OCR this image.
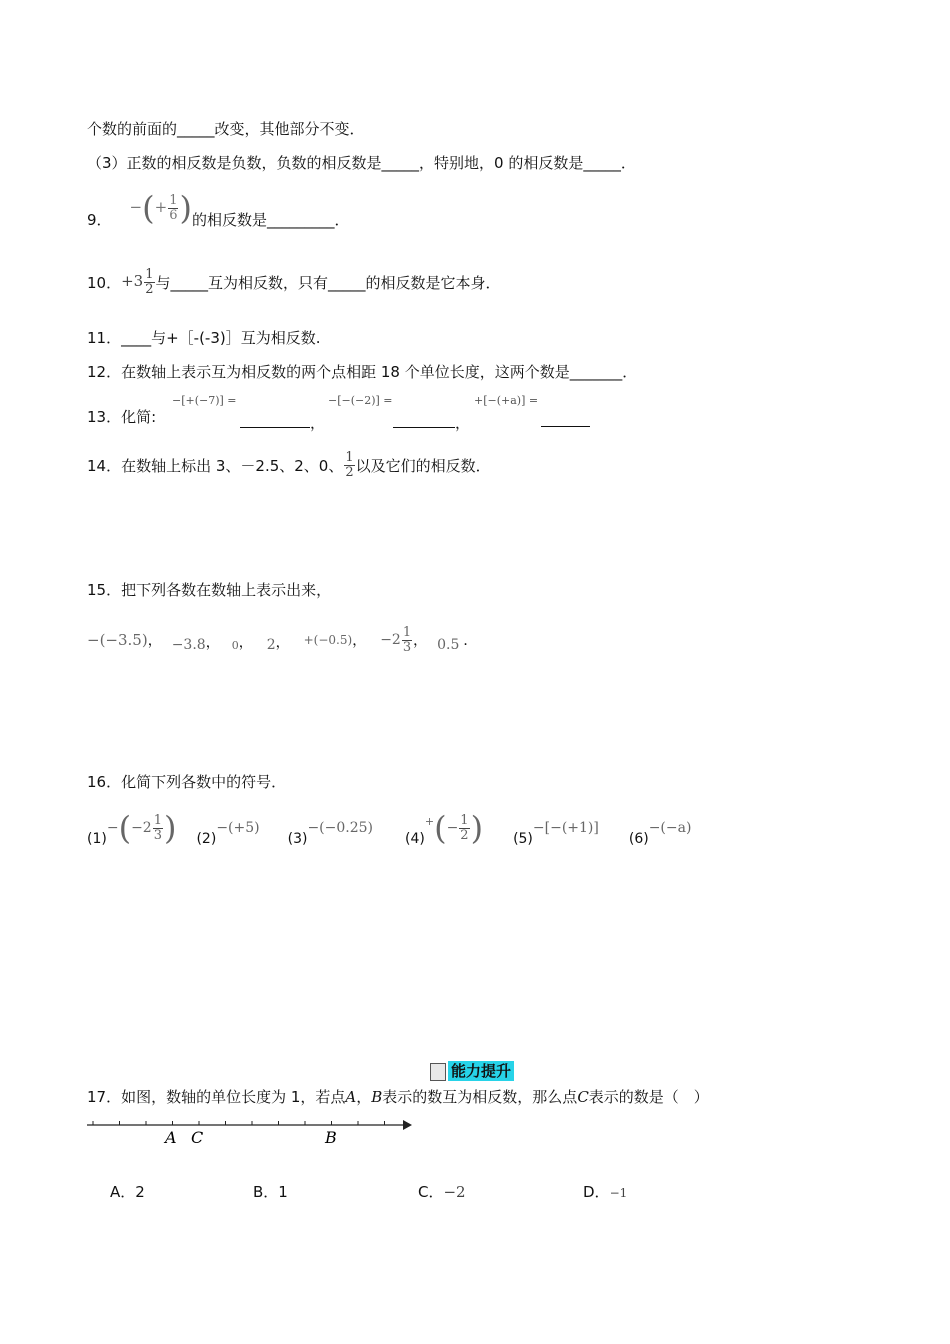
个数的前面的_____改变，其他部分不变．
（3）正数的相反数是负数，负数的相反数是_____，特别地，0 的相反数是_____．
9．
−(+ $\frac{1}{6}$ ) 的相反数是_________．
10． $+3 \frac{1}{2}$ 与_____互为相反数，只有_____的相反数是它本身．
11．____与+［-(-3)］互为相反数.
12．在数轴上表示互为相反数的两个点相距 18 个单位长度，这两个数是_______．
13．化简:
−[+(−7)] =
，
−[−(−2)] =
，
+[−(+a)] =
14．在数轴上标出 3、－2.5、2、0、 $\frac{1}{2}$ 以及它们的相反数．
15．把下列各数在数轴上表示出来，
−(−3.5) ， −3.8 ， 0 ， 2 ， +(−0.5) ， $-2 \frac{1}{3}$ ， 0.5 ．
16．化简下列各数中的符号．
(1)
− ( $-2 \frac{1}{3}$ ) (2)
−(+5)
(3)
−(−0.25)
(4)
+ ( − $\frac{1}{2}$ ) (5)
−[−(+1)]
(6)
−(−a)
能力提升
17．如图，数轴的单位长度为 1，若点A，B表示的数互为相反数，那么点C表示的数是（　）
A C	B
A．2	B．1	C．−2	D．−1
